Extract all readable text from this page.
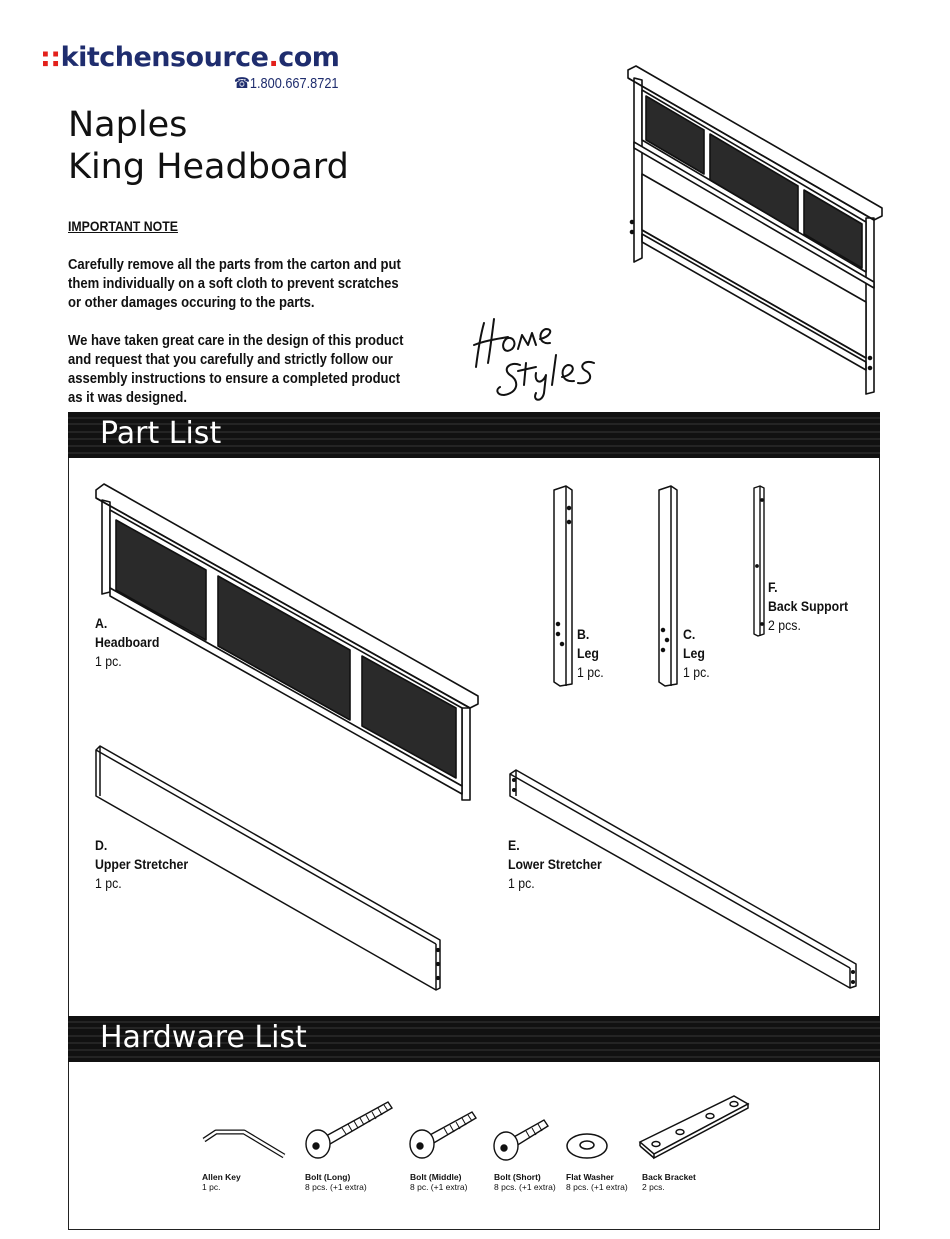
::kitchensource.com
☎1.800.667.8721
Naples
King Headboard
IMPORTANT NOTE
Carefully remove all the parts from the carton and put them individually on a soft cloth to prevent scratches or other damages occuring to the parts.
We have taken great care in the design of this product and request that you carefully and strictly follow our assembly instructions to ensure a completed product as it was designed.
Part List
A.
Headboard
1 pc.
B.
Leg
1 pc.
C.
Leg
1 pc.
F.
Back Support
2 pcs.
D.
Upper Stretcher
1 pc.
E.
Lower Stretcher
1 pc.
Hardware List
Allen Key
1 pc.
Bolt (Long)
8 pcs. (+1 extra)
Bolt (Middle)
8 pc. (+1 extra)
Bolt (Short)
8 pcs. (+1 extra)
Flat Washer
8 pcs. (+1 extra)
Back Bracket
2 pcs.
